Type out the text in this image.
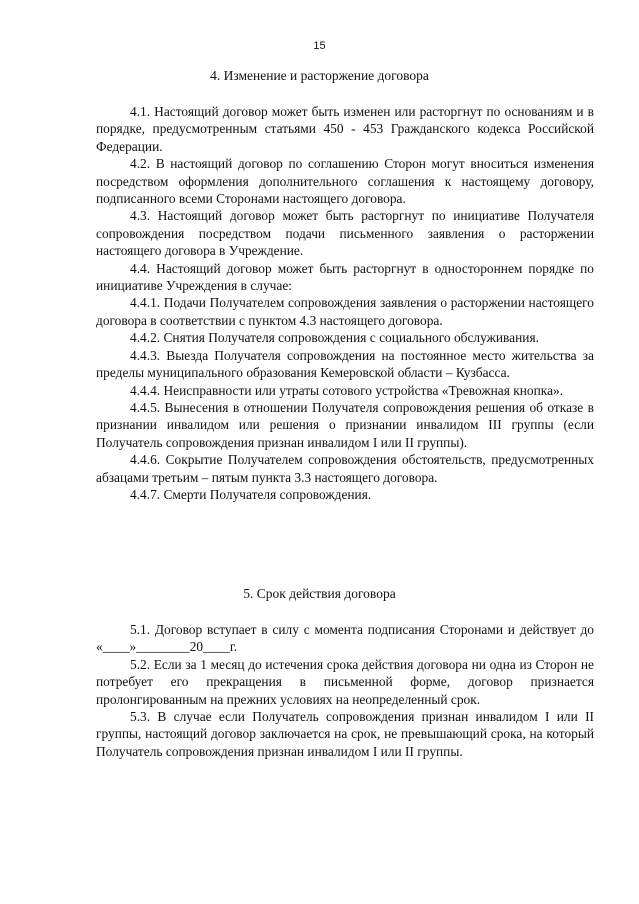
15
4. Изменение и расторжение договора

4.1. Настоящий договор может быть изменен или расторгнут по основаниям и в порядке, предусмотренным статьями 450 - 453 Гражданского кодекса Российской Федерации.

4.2. В настоящий договор по соглашению Сторон могут вноситься изменения посредством оформления дополнительного соглашения к настоящему договору, подписанного всеми Сторонами настоящего договора.

4.3. Настоящий договор может быть расторгнут по инициативе Получателя сопровождения посредством подачи письменного заявления о расторжении настоящего договора в Учреждение.

4.4. Настоящий договор может быть расторгнут в одностороннем порядке по инициативе Учреждения в случае:

4.4.1. Подачи Получателем сопровождения заявления о расторжении настоящего договора в соответствии с пунктом 4.3 настоящего договора.

4.4.2. Снятия Получателя сопровождения с социального обслуживания.

4.4.3. Выезда Получателя сопровождения на постоянное место жительства за пределы муниципального образования Кемеровской области – Кузбасса.

4.4.4. Неисправности или утраты сотового устройства «Тревожная кнопка».

4.4.5. Вынесения в отношении Получателя сопровождения решения об отказе в признании инвалидом или решения о признании инвалидом III группы (если Получатель сопровождения признан инвалидом I или II группы).

4.4.6. Сокрытие Получателем сопровождения обстоятельств, предусмотренных абзацами третьим – пятым пункта 3.3 настоящего договора.

4.4.7. Смерти Получателя сопровождения.

5. Срок действия договора

5.1. Договор вступает в силу с момента подписания Сторонами и действует до «____»________20____г.

5.2. Если за 1 месяц до истечения срока действия договора ни одна из Сторон не потребует его прекращения в письменной форме, договор признается пролонгированным на прежних условиях на неопределенный срок.

5.3. В случае если Получатель сопровождения признан инвалидом I или II группы, настоящий договор заключается на срок, не превышающий срока, на который Получатель сопровождения признан инвалидом I или II группы.
